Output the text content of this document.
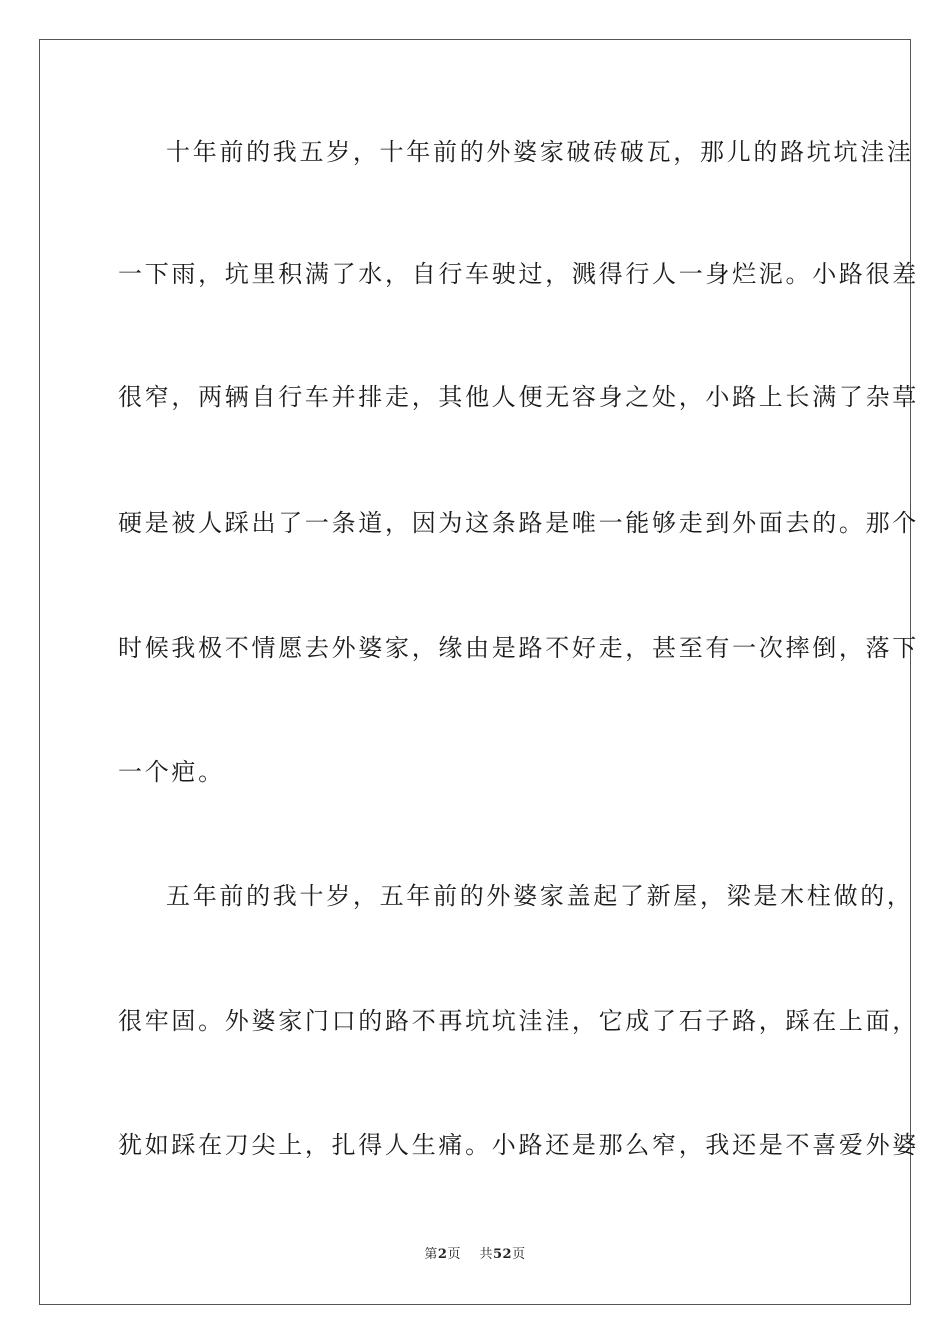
十年前的我五岁，十年前的外婆家破砖破瓦，那儿的路坑坑洼洼
一下雨，坑里积满了水，自行车驶过，溅得行人一身烂泥。小路很差
很窄，两辆自行车并排走，其他人便无容身之处，小路上长满了杂草
硬是被人踩出了一条道，因为这条路是唯一能够走到外面去的。那个
时候我极不情愿去外婆家，缘由是路不好走，甚至有一次摔倒，落下
一个疤。
五年前的我十岁，五年前的外婆家盖起了新屋，梁是木柱做的，
很牢固。外婆家门口的路不再坑坑洼洼，它成了石子路，踩在上面，
犹如踩在刀尖上，扎得人生痛。小路还是那么窄，我还是不喜爱外婆
第2页 共52页
